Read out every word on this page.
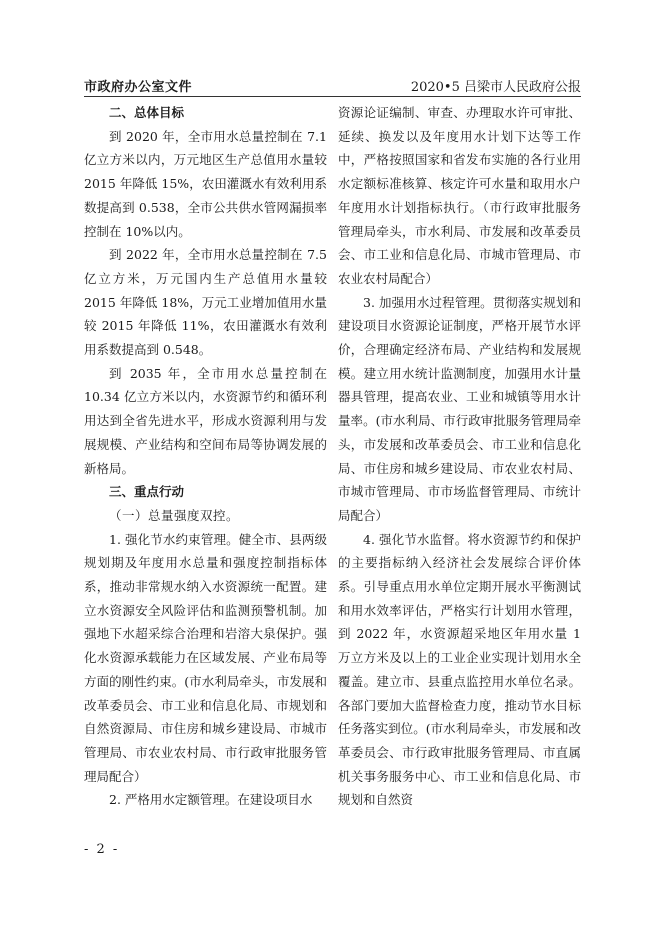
市政府办公室文件	2020•5 吕梁市人民政府公报
二、总体目标

到 2020 年，全市用水总量控制在 7.1 亿立方米以内，万元地区生产总值用水量较 2015 年降低 15%，农田灌溉水有效利用系数提高到 0.538，全市公共供水管网漏损率控制在 10%以内。

到 2022 年，全市用水总量控制在 7.5 亿立方米，万元国内生产总值用水量较 2015 年降低 18%，万元工业增加值用水量较 2015 年降低 11%，农田灌溉水有效利用系数提高到 0.548。

到 2035 年，全市用水总量控制在 10.34 亿立方米以内，水资源节约和循环利用达到全省先进水平，形成水资源利用与发展规模、产业结构和空间布局等协调发展的新格局。

三、重点行动

（一）总量强度双控。

1. 强化节水约束管理。健全市、县两级规划期及年度用水总量和强度控制指标体系，推动非常规水纳入水资源统一配置。建立水资源安全风险评估和监测预警机制。加强地下水超采综合治理和岩溶大泉保护。强化水资源承载能力在区域发展、产业布局等方面的刚性约束。(市水利局牵头，市发展和改革委员会、市工业和信息化局、市规划和自然资源局、市住房和城乡建设局、市城市管理局、市农业农村局、市行政审批服务管理局配合）

2. 严格用水定额管理。在建设项目水

资源论证编制、审查、办理取水许可审批、延续、换发以及年度用水计划下达等工作中，严格按照国家和省发布实施的各行业用水定额标准核算、核定许可水量和取用水户年度用水计划指标执行。（市行政审批服务管理局牵头，市水利局、市发展和改革委员会、市工业和信息化局、市城市管理局、市农业农村局配合）

3. 加强用水过程管理。贯彻落实规划和建设项目水资源论证制度，严格开展节水评价，合理确定经济布局、产业结构和发展规模。建立用水统计监测制度，加强用水计量器具管理，提高农业、工业和城镇等用水计量率。(市水利局、市行政审批服务管理局牵头，市发展和改革委员会、市工业和信息化局、市住房和城乡建设局、市农业农村局、市城市管理局、市市场监督管理局、市统计局配合）

4. 强化节水监督。将水资源节约和保护的主要指标纳入经济社会发展综合评价体系。引导重点用水单位定期开展水平衡测试和用水效率评估，严格实行计划用水管理，到 2022 年，水资源超采地区年用水量 1 万立方米及以上的工业企业实现计划用水全覆盖。建立市、县重点监控用水单位名录。各部门要加大监督检查力度，推动节水目标任务落实到位。(市水利局牵头，市发展和改革委员会、市行政审批服务管理局、市直属机关事务服务中心、市工业和信息化局、市规划和自然资

- 2 -
